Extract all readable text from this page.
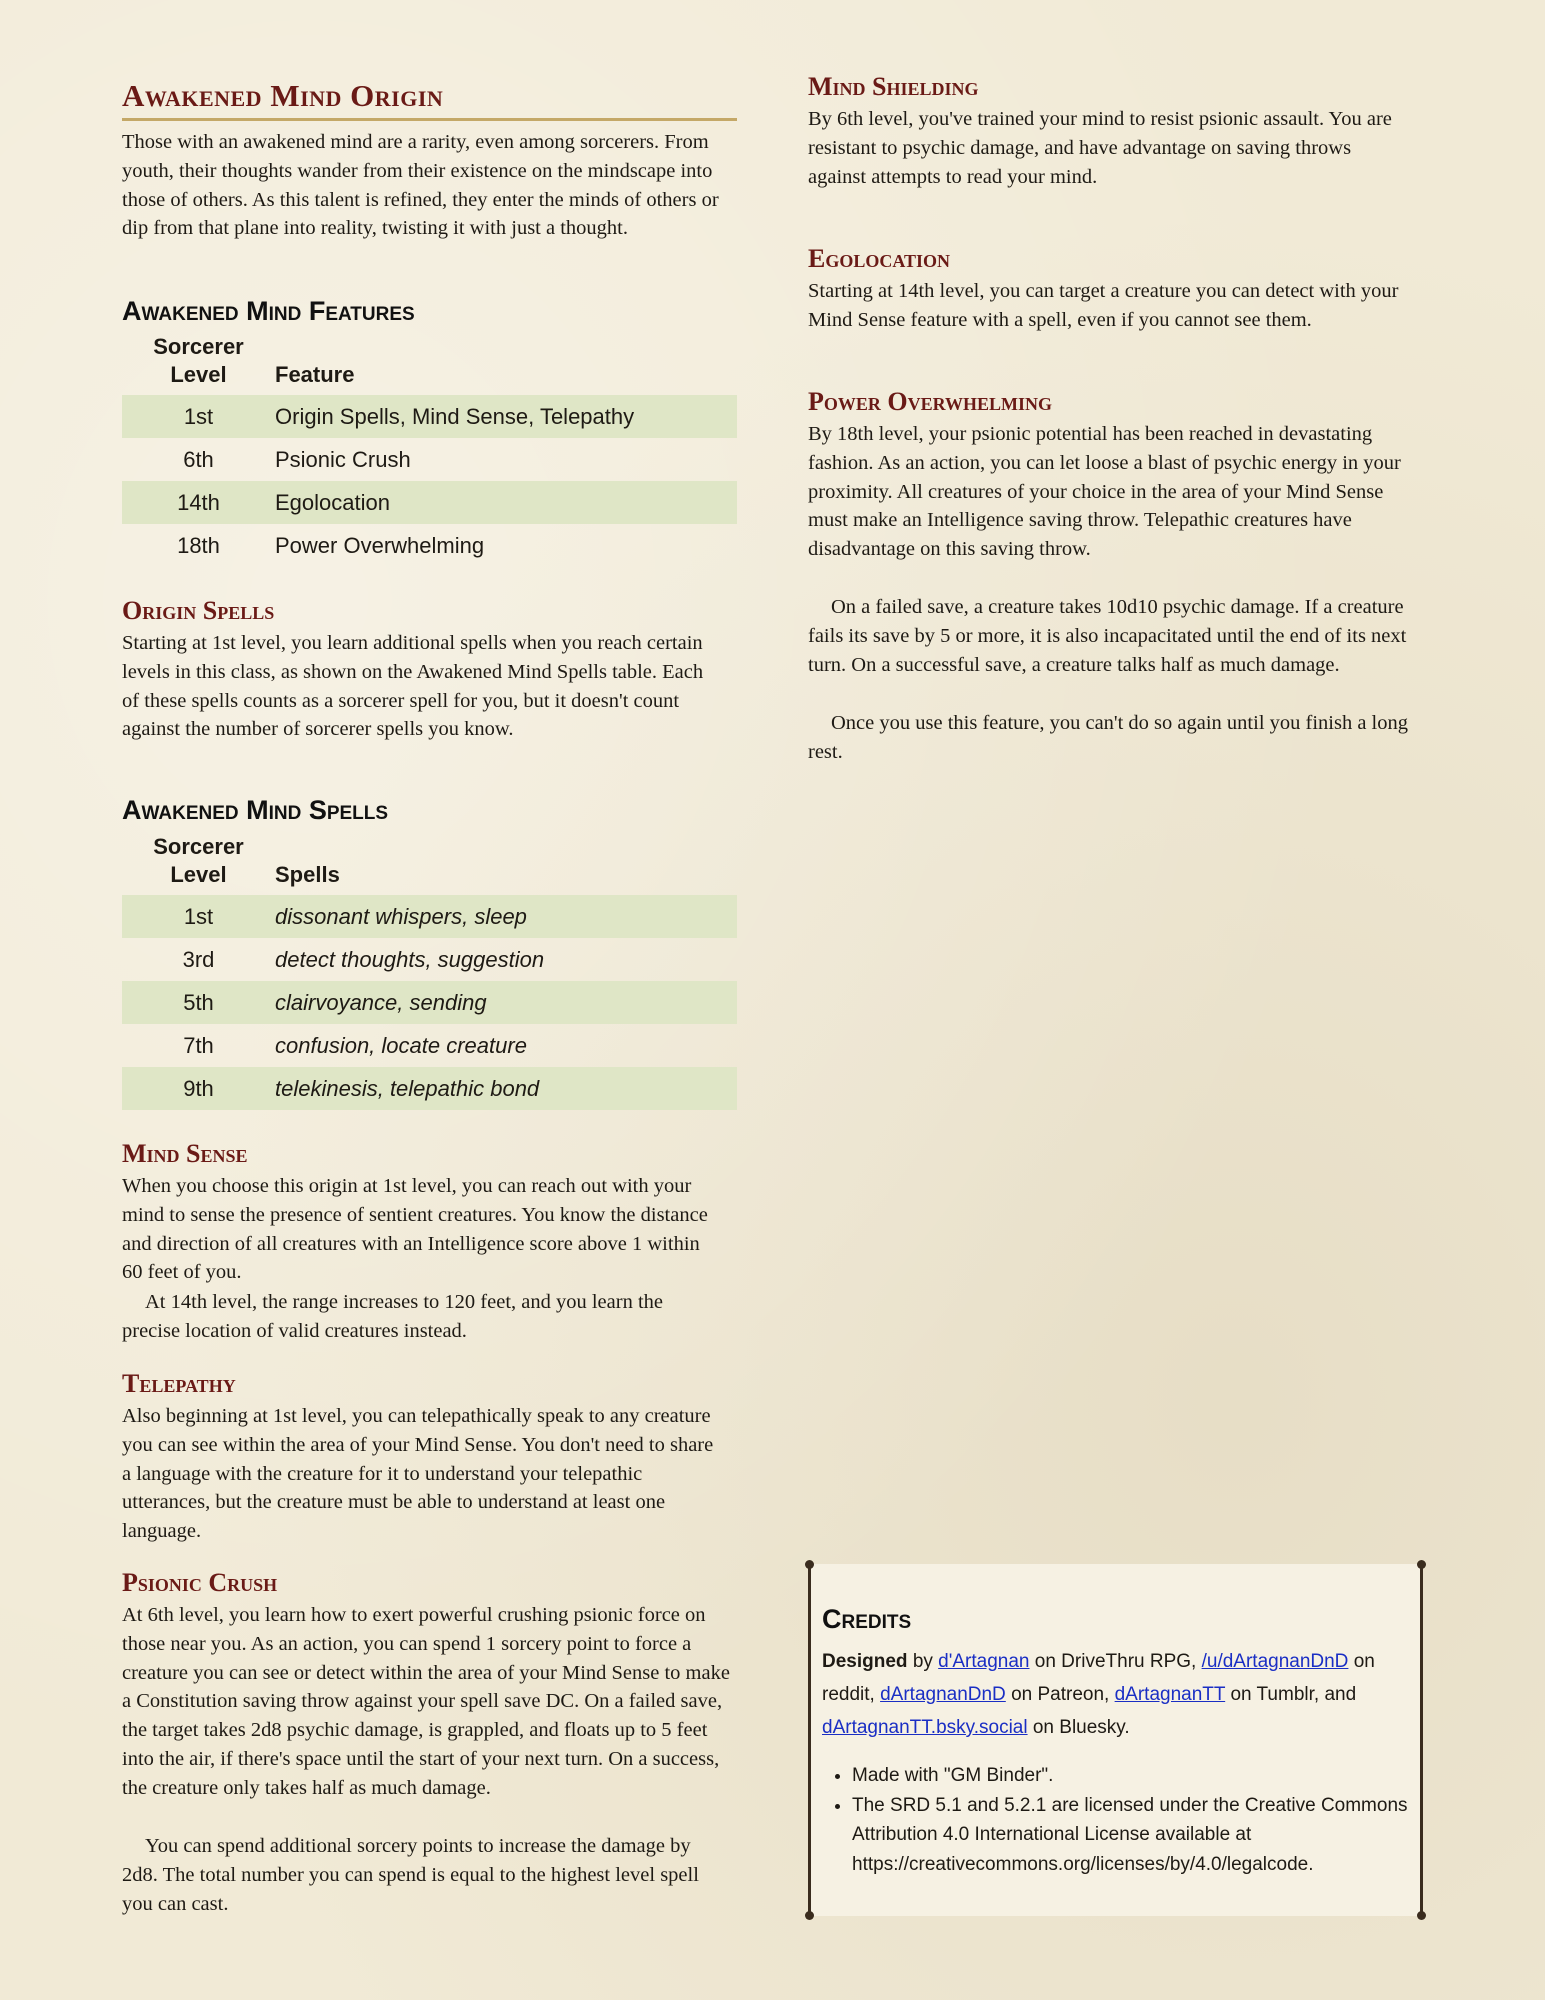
Awakened Mind Origin

Those with an awakened mind are a rarity, even among sorcerers. From youth, their thoughts wander from their existence on the mindscape into those of others. As this talent is refined, they enter the minds of others or dip from that plane into reality, twisting it with just a thought.

Awakened Mind Features
Sorcerer
Level	Feature
1st	Origin Spells, Mind Sense, Telepathy
6th	Psionic Crush
14th	Egolocation
18th	Power Overwhelming
Origin Spells

Starting at 1st level, you learn additional spells when you reach certain levels in this class, as shown on the Awakened Mind Spells table. Each of these spells counts as a sorcerer spell for you, but it doesn't count against the number of sorcerer spells you know.

Awakened Mind Spells
Sorcerer
Level	Spells
1st	dissonant whispers, sleep
3rd	detect thoughts, suggestion
5th	clairvoyance, sending
7th	confusion, locate creature
9th	telekinesis, telepathic bond
Mind Sense

When you choose this origin at 1st level, you can reach out with your mind to sense the presence of sentient creatures. You know the distance and direction of all creatures with an Intelligence score above 1 within 60 feet of you.

At 14th level, the range increases to 120 feet, and you learn the precise location of valid creatures instead.

Telepathy

Also beginning at 1st level, you can telepathically speak to any creature you can see within the area of your Mind Sense. You don't need to share a language with the creature for it to understand your telepathic utterances, but the creature must be able to understand at least one language.

Psionic Crush

At 6th level, you learn how to exert powerful crushing psionic force on those near you. As an action, you can spend 1 sorcery point to force a creature you can see or detect within the area of your Mind Sense to make a Constitution saving throw against your spell save DC. On a failed save, the target takes 2d8 psychic damage, is grappled, and floats up to 5 feet into the air, if there's space until the start of your next turn. On a success, the creature only takes half as much damage.

You can spend additional sorcery points to increase the damage by 2d8. The total number you can spend is equal to the highest level spell you can cast.

Mind Shielding

By 6th level, you've trained your mind to resist psionic assault. You are resistant to psychic damage, and have advantage on saving throws against attempts to read your mind.

Egolocation

Starting at 14th level, you can target a creature you can detect with your Mind Sense feature with a spell, even if you cannot see them.

Power Overwhelming

By 18th level, your psionic potential has been reached in devastating fashion. As an action, you can let loose a blast of psychic energy in your proximity. All creatures of your choice in the area of your Mind Sense must make an Intelligence saving throw. Telepathic creatures have disadvantage on this saving throw.

On a failed save, a creature takes 10d10 psychic damage. If a creature fails its save by 5 or more, it is also incapacitated until the end of its next turn. On a successful save, a creature talks half as much damage.

Once you use this feature, you can't do so again until you finish a long rest.

Credits
Designed by d'Artagnan on DriveThru RPG, /u/dArtagnanDnD on reddit, dArtagnanDnD on Patreon, dArtagnanTT on Tumblr, and dArtagnanTT.bsky.social on Bluesky.
• Made with "GM Binder".
• The SRD 5.1 and 5.2.1 are licensed under the Creative Commons Attribution 4.0 International License available at https://creativecommons.org/licenses/by/4.0/legalcode.
